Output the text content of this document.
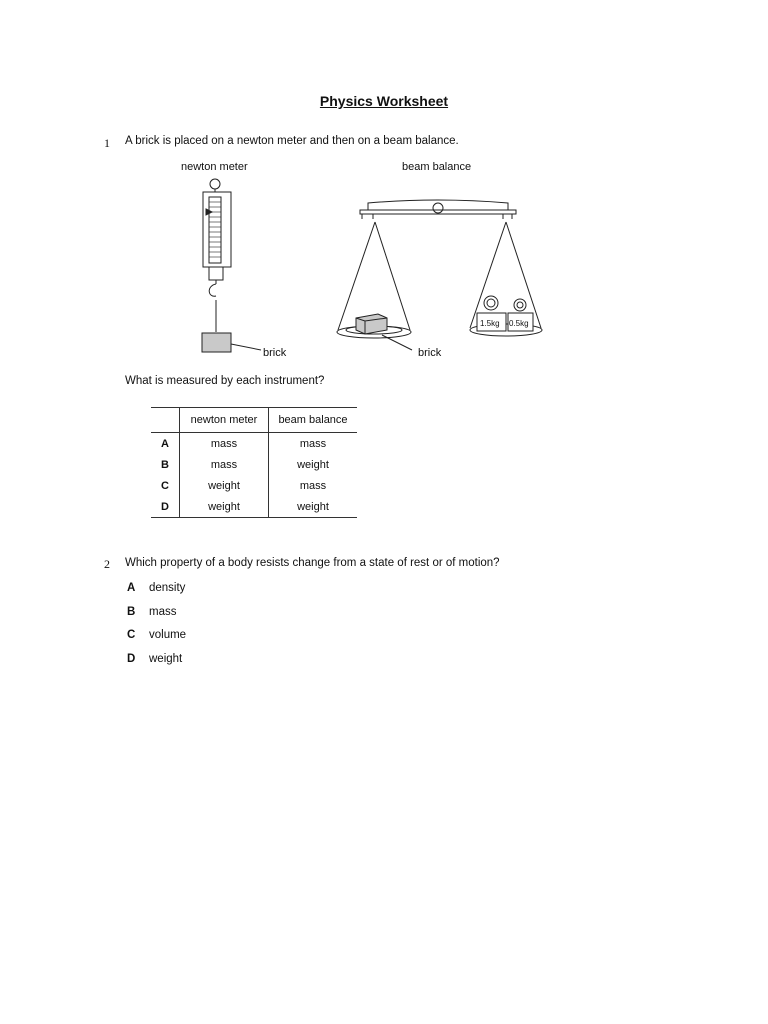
Physics Worksheet
1 A brick is placed on a newton meter and then on a beam balance.
newton meter	beam balance
brick
1.5kg 0.5kg
brick
What is measured by each instrument?
	newton meter	beam balance
A	mass	mass
B	mass	weight
C	weight	mass
D	weight	weight
2 Which property of a body resists change from a state of rest or of motion?
A	density
B	mass
C	volume
D	weight
